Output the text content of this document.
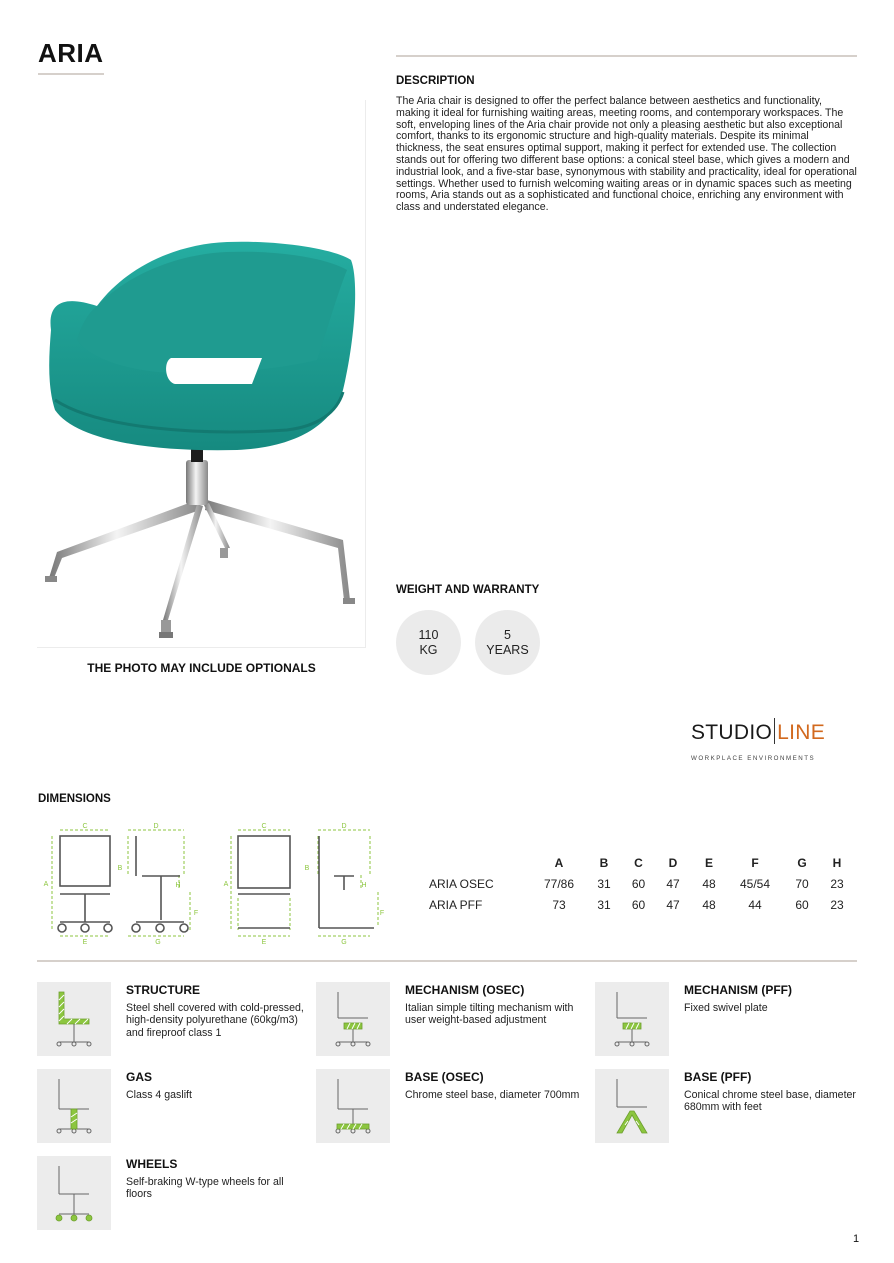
ARIA
THE PHOTO MAY INCLUDE OPTIONALS
DESCRIPTION
The Aria chair is designed to offer the perfect balance between aesthetics and functionality, making it ideal for furnishing waiting areas, meeting rooms, and contemporary workspaces. The soft, enveloping lines of the Aria chair provide not only a pleasing aesthetic but also exceptional comfort, thanks to its ergonomic structure and high-quality materials. Despite its minimal thickness, the seat ensures optimal support, making it perfect for extended use. The collection stands out for offering two different base options: a conical steel base, which gives a modern and industrial look, and a five-star base, synonymous with stability and practicality, ideal for operational settings. Whether used to furnish welcoming waiting areas or in dynamic spaces such as meeting rooms, Aria stands out as a sophisticated and functional choice, enriching any environment with class and understated elegance.
WEIGHT AND WARRANTY
110
KG
5
YEARS
STUDIO LINE
WORKPLACE ENVIRONMENTS
DIMENSIONS
C
A
E
D
B
H
F
G
C
A
E
D
B
H
F
G
	A	B	C	D	E	F	G	H
ARIA OSEC	77/86	31	60	47	48	45/54	70	23
ARIA PFF	73	31	60	47	48	44	60	23
STRUCTURE
Steel shell covered with cold-pressed, high-density polyurethane (60kg/m3) and fireproof class 1
MECHANISM (OSEC)
Italian simple tilting mechanism with user weight-based adjustment
MECHANISM (PFF)
Fixed swivel plate
GAS
Class 4 gaslift
BASE (OSEC)
Chrome steel base, diameter 700mm
BASE (PFF)
Conical chrome steel base, diameter 680mm with feet
WHEELS
Self-braking W-type wheels for all floors
1
